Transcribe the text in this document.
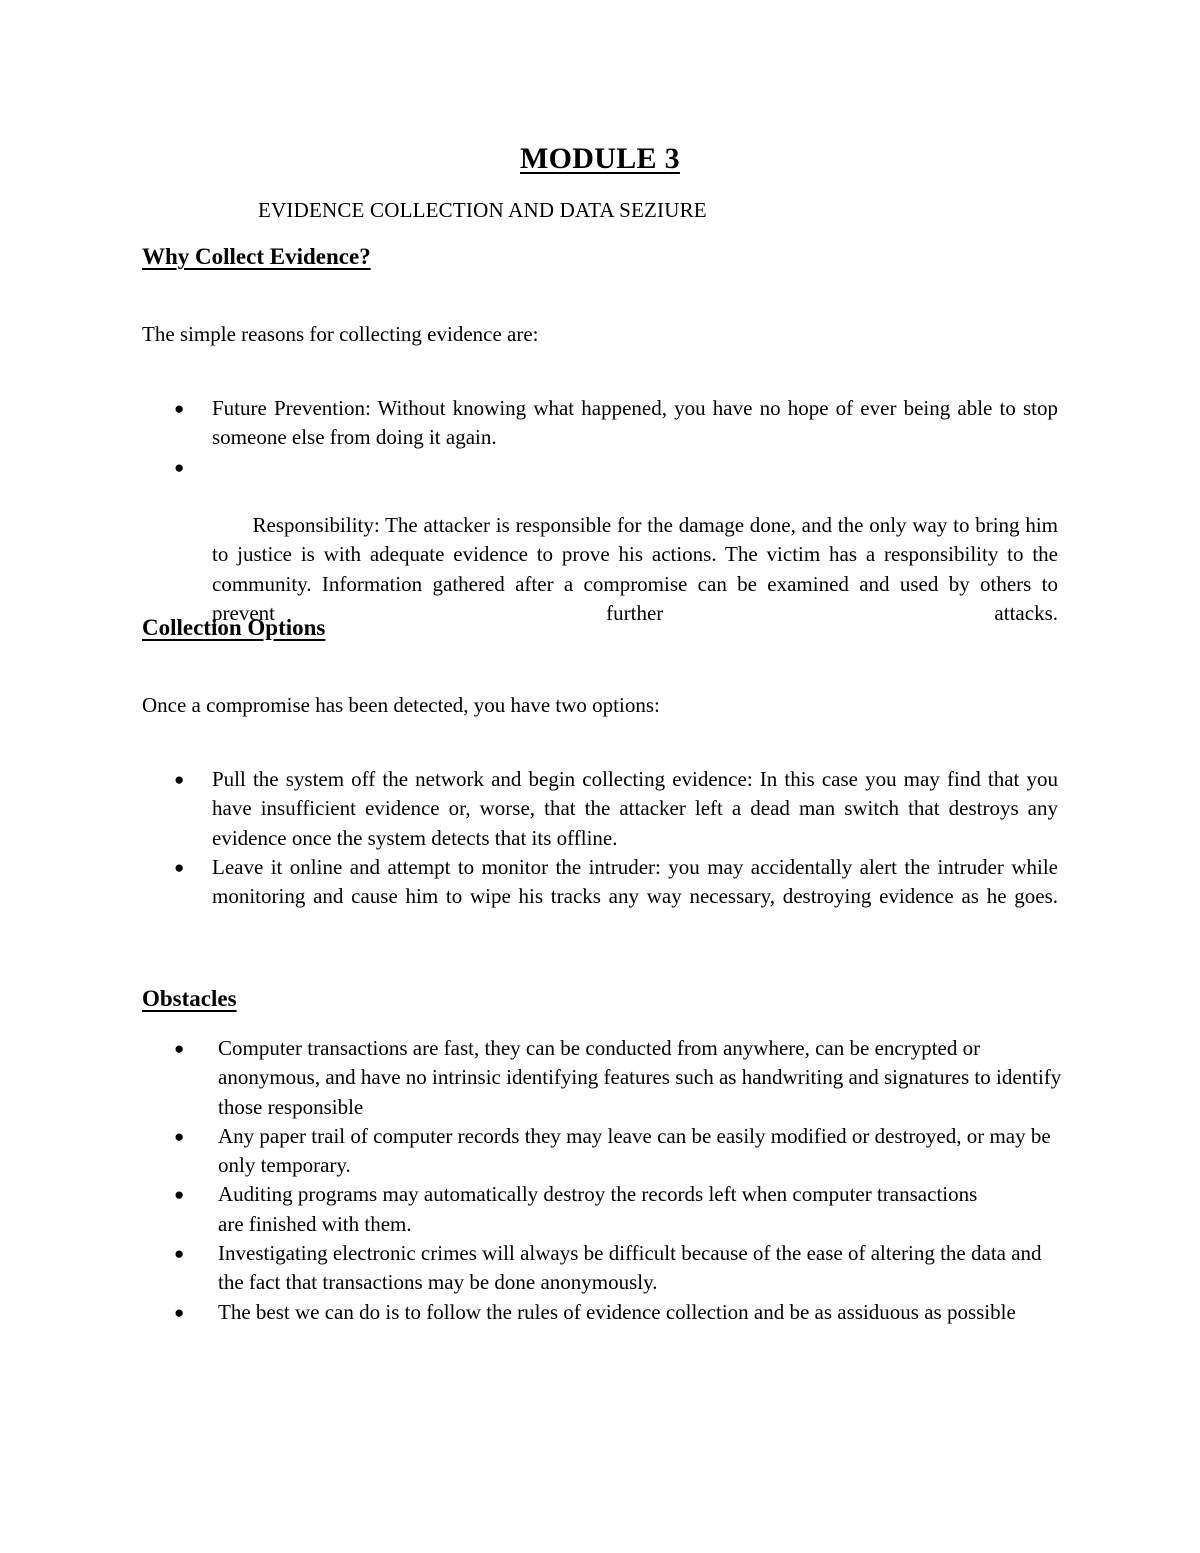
MODULE 3

EVIDENCE COLLECTION AND DATA SEZIURE

Why Collect Evidence?

The simple reasons for collecting evidence are:

● Future Prevention: Without knowing what happened, you have no hope of ever being able to stop someone else from doing it again.

●

Responsibility: The attacker is responsible for the damage done, and the only way to bring him to justice is with adequate evidence to prove his actions. The victim has a responsibility to the community. Information gathered after a compromise can be examined and used by others to prevent further attacks.

Collection Options

Once a compromise has been detected, you have two options:

● Pull the system off the network and begin collecting evidence: In this case you may find that you have insufficient evidence or, worse, that the attacker left a dead man switch that destroys any evidence once the system detects that its offline.
● Leave it online and attempt to monitor the intruder: you may accidentally alert the intruder while monitoring and cause him to wipe his tracks any way necessary, destroying evidence as he goes.
Obstacles
● Computer transactions are fast, they can be conducted from anywhere, can be encrypted or anonymous, and have no intrinsic identifying features such as handwriting and signatures to identify those responsible
● Any paper trail of computer records they may leave can be easily modified or destroyed, or may be only temporary.
● Auditing programs may automatically destroy the records left when computer transactions are finished with them.
● Investigating electronic crimes will always be difficult because of the ease of altering the data and the fact that transactions may be done anonymously.
● The best we can do is to follow the rules of evidence collection and be as assiduous as possible
